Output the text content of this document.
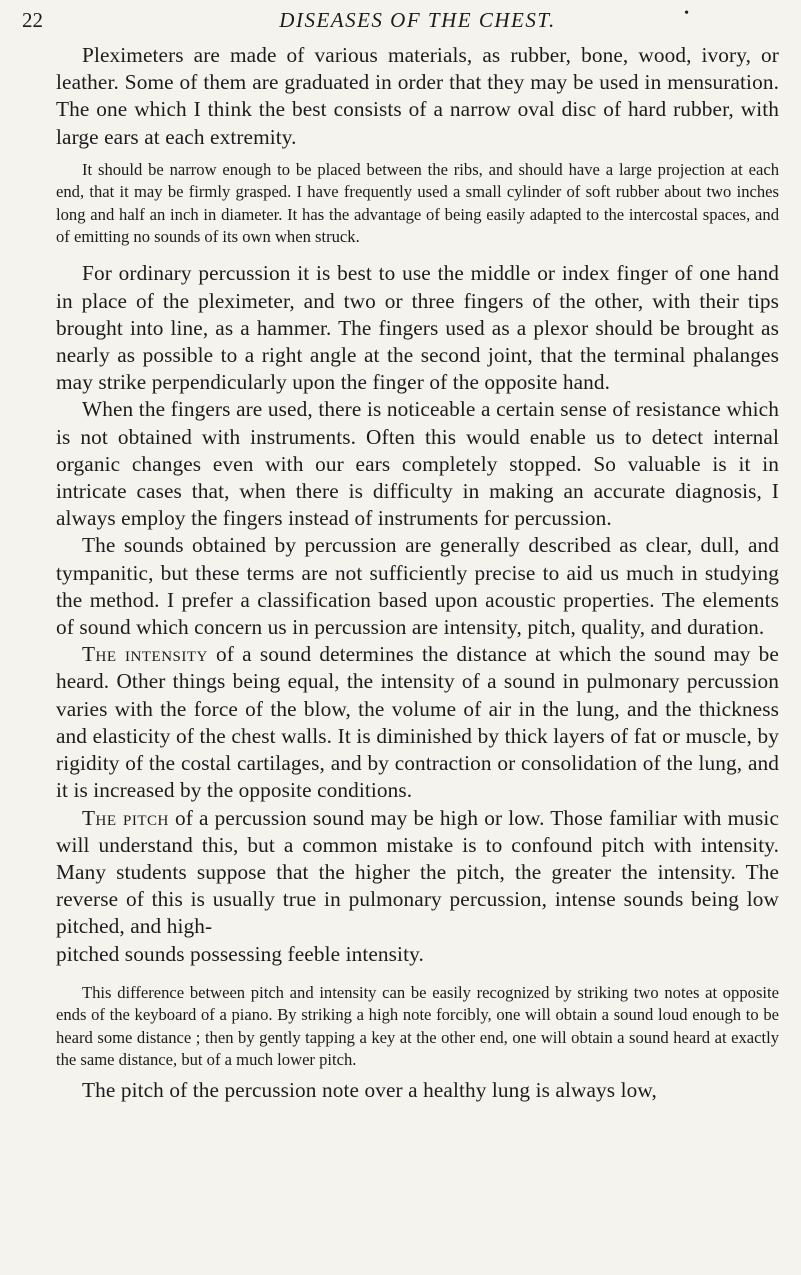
22	DISEASES OF THE CHEST.	•

Pleximeters are made of various materials, as rubber, bone, wood, ivory, or leather. Some of them are graduated in order that they may be used in mensuration. The one which I think the best consists of a narrow oval disc of hard rubber, with large ears at each extremity.

It should be narrow enough to be placed between the ribs, and should have a large projection at each end, that it may be firmly grasped. I have frequently used a small cylinder of soft rubber about two inches long and half an inch in diameter. It has the advantage of being easily adapted to the intercostal spaces, and of emitting no sounds of its own when struck.

For ordinary percussion it is best to use the middle or index finger of one hand in place of the pleximeter, and two or three fingers of the other, with their tips brought into line, as a hammer. The fingers used as a plexor should be brought as nearly as possible to a right angle at the second joint, that the terminal phalanges may strike perpendicularly upon the finger of the opposite hand.

When the fingers are used, there is noticeable a certain sense of resistance which is not obtained with instruments. Often this would enable us to detect internal organic changes even with our ears completely stopped. So valuable is it in intricate cases that, when there is difficulty in making an accurate diagnosis, I always employ the fingers instead of instruments for percussion.

The sounds obtained by percussion are generally described as clear, dull, and tympanitic, but these terms are not sufficiently precise to aid us much in studying the method. I prefer a classification based upon acoustic properties. The elements of sound which concern us in percussion are intensity, pitch, quality, and duration.

The intensity of a sound determines the distance at which the sound may be heard. Other things being equal, the intensity of a sound in pulmonary percussion varies with the force of the blow, the volume of air in the lung, and the thickness and elasticity of the chest walls. It is diminished by thick layers of fat or muscle, by rigidity of the costal cartilages, and by contraction or consolidation of the lung, and it is increased by the opposite conditions.

The pitch of a percussion sound may be high or low. Those familiar with music will understand this, but a common mistake is to confound pitch with intensity. Many students suppose that the higher the pitch, the greater the intensity. The reverse of this is usually true in pulmonary percussion, intense sounds being low pitched, and high-

pitched sounds possessing feeble intensity.

This difference between pitch and intensity can be easily recognized by striking two notes at opposite ends of the keyboard of a piano. By striking a high note forcibly, one will obtain a sound loud enough to be heard some distance ; then by gently tapping a key at the other end, one will obtain a sound heard at exactly the same distance, but of a much lower pitch.

The pitch of the percussion note over a healthy lung is always low,
